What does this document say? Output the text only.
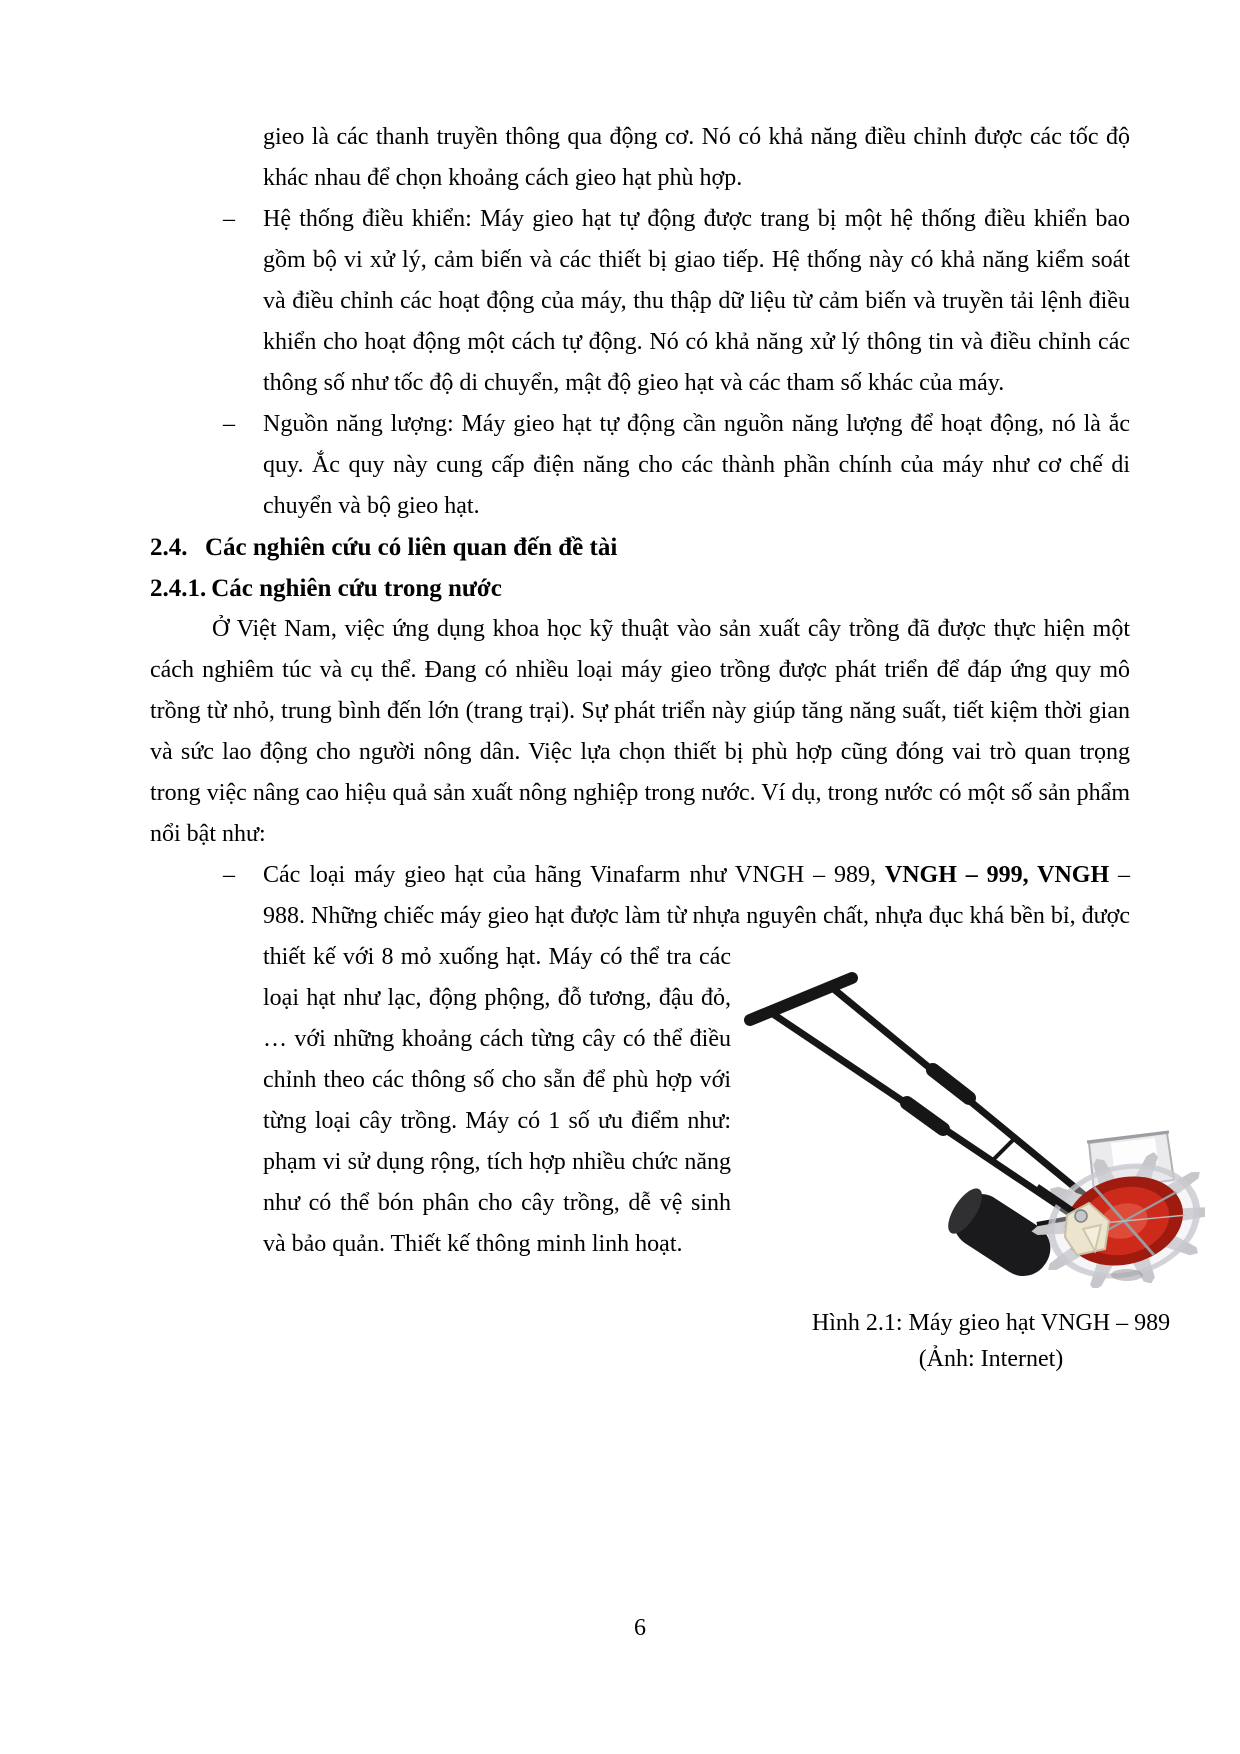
gieo là các thanh truyền thông qua động cơ. Nó có khả năng điều chỉnh được các tốc độ khác nhau để chọn khoảng cách gieo hạt phù hợp.

– Hệ thống điều khiển: Máy gieo hạt tự động được trang bị một hệ thống điều khiển bao gồm bộ vi xử lý, cảm biến và các thiết bị giao tiếp. Hệ thống này có khả năng kiểm soát và điều chỉnh các hoạt động của máy, thu thập dữ liệu từ cảm biến và truyền tải lệnh điều khiển cho hoạt động một cách tự động. Nó có khả năng xử lý thông tin và điều chỉnh các thông số như tốc độ di chuyển, mật độ gieo hạt và các tham số khác của máy.

– Nguồn năng lượng: Máy gieo hạt tự động cần nguồn năng lượng để hoạt động, nó là ắc quy. Ắc quy này cung cấp điện năng cho các thành phần chính của máy như cơ chế di chuyển và bộ gieo hạt.

2.4. Các nghiên cứu có liên quan đến đề tài

2.4.1. Các nghiên cứu trong nước

Ở Việt Nam, việc ứng dụng khoa học kỹ thuật vào sản xuất cây trồng đã được thực hiện một cách nghiêm túc và cụ thể. Đang có nhiều loại máy gieo trồng được phát triển để đáp ứng quy mô trồng từ nhỏ, trung bình đến lớn (trang trại). Sự phát triển này giúp tăng năng suất, tiết kiệm thời gian và sức lao động cho người nông dân. Việc lựa chọn thiết bị phù hợp cũng đóng vai trò quan trọng trong việc nâng cao hiệu quả sản xuất nông nghiệp trong nước. Ví dụ, trong nước có một số sản phẩm nổi bật như:

– Các loại máy gieo hạt của hãng Vinafarm như VNGH – 989, VNGH – 999, VNGH – 988. Những chiếc máy gieo hạt được làm từ nhựa nguyên chất, nhựa đục khá bền
Hình 2.1: Máy gieo hạt VNGH – 989
(Ảnh: Internet)
bỉ, được thiết kế với 8 mỏ xuống hạt. Máy có thể tra các loại hạt như lạc, động phộng, đỗ tương, đậu đỏ, … với những khoảng cách từng cây có thể điều chỉnh theo các thông số cho sẵn để phù hợp với từng loại cây trồng. Máy có 1 số ưu điểm như: phạm vi sử dụng rộng, tích hợp nhiều chức năng như có thể bón phân cho cây trồng, dễ vệ sinh và bảo quản. Thiết kế thông minh linh hoạt.

6
